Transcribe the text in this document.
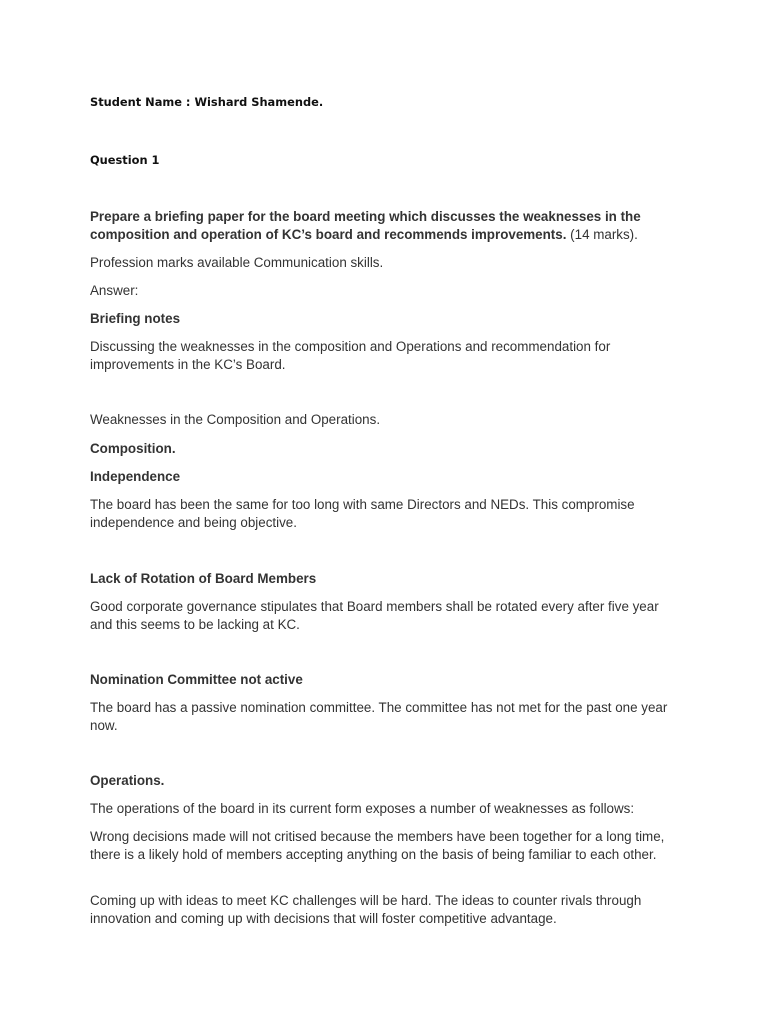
Student Name : Wishard Shamende.
Question 1
Prepare a briefing paper for the board meeting which discusses the weaknesses in the composition and operation of KC’s board and recommends improvements. (14 marks).
Profession marks available Communication skills.
Answer:
Briefing notes
Discussing the weaknesses in the composition and Operations and recommendation for improvements in the KC’s Board.
Weaknesses in the Composition and Operations.
Composition.
Independence
The board has been the same for too long with same Directors and NEDs. This compromise independence and being objective.
Lack of Rotation of Board Members
Good corporate governance stipulates that Board members shall be rotated every after five year and this seems to be lacking at KC.
Nomination Committee not active
The board has a passive nomination committee. The committee has not met for the past one year now.
Operations.
The operations of the board in its current form exposes a number of weaknesses as follows:
Wrong decisions made will not critised because the members have been together for a long time, there is a likely hold of members accepting anything on the basis of being familiar to each other.
Coming up with ideas to meet KC challenges will be hard. The ideas to counter rivals through innovation and coming up with decisions that will foster competitive advantage.
